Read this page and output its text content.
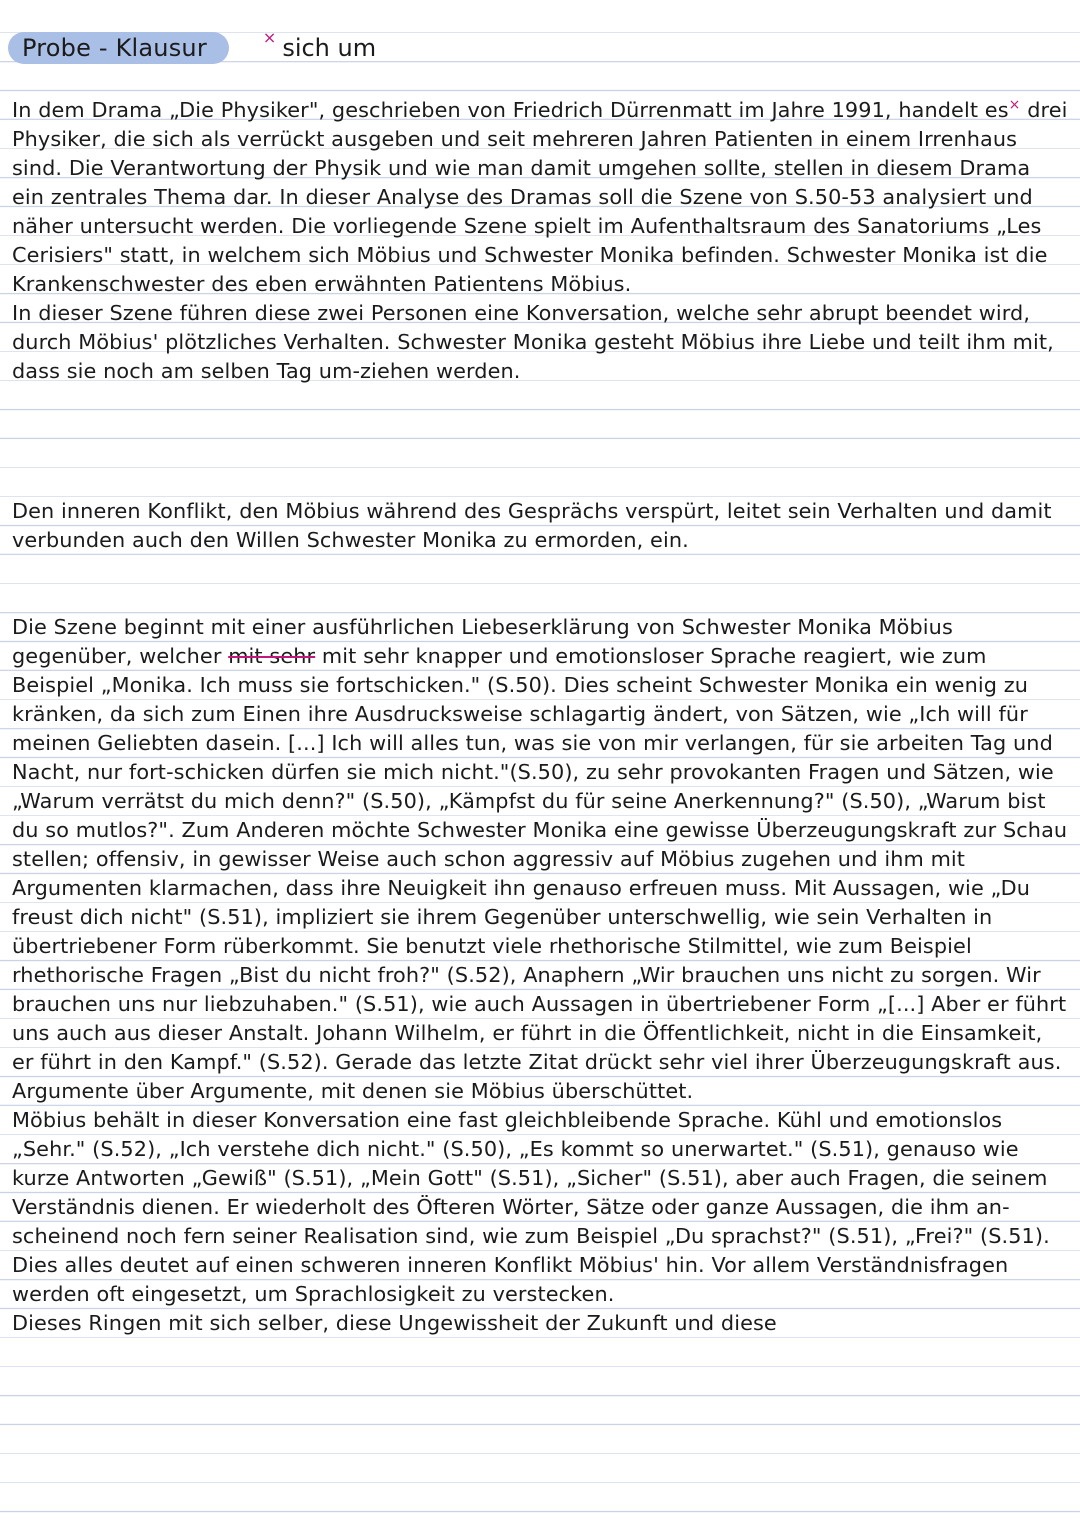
Probe - Klausur	× sich um

In dem Drama „Die Physiker", geschrieben von Friedrich Dürrenmatt im Jahre 1991, handelt es× drei Physiker, die sich als verrückt ausgeben und seit mehreren Jahren Patienten in einem Irrenhaus sind. Die Verantwortung der Physik und wie man damit umgehen sollte, stellen in diesem Drama ein zentrales Thema dar. In dieser Analyse des Dramas soll die Szene von S.50-53 analysiert und näher untersucht werden. Die vorliegende Szene spielt im Aufenthaltsraum des Sanatoriums „Les Cerisiers" statt, in welchem sich Möbius und Schwester Monika befinden. Schwester Monika ist die Krankenschwester des eben erwähnten Patientens Möbius.

In dieser Szene führen diese zwei Personen eine Konversation, welche sehr abrupt beendet wird, durch Möbius' plötzliches Verhalten. Schwester Monika gesteht Möbius ihre Liebe und teilt ihm mit, dass sie noch am selben Tag um-ziehen werden.

Den inneren Konflikt, den Möbius während des Gesprächs verspürt, leitet sein Verhalten und damit verbunden auch den Willen Schwester Monika zu ermorden, ein.

Die Szene beginnt mit einer ausführlichen Liebeserklärung von Schwester Monika Möbius gegenüber, welcher mit sehr mit sehr knapper und emotionsloser Sprache reagiert, wie zum Beispiel „Monika. Ich muss sie fortschicken." (S.50). Dies scheint Schwester Monika ein wenig zu kränken, da sich zum Einen ihre Ausdrucksweise schlagartig ändert, von Sätzen, wie „Ich will für meinen Geliebten dasein. [...] Ich will alles tun, was sie von mir verlangen, für sie arbeiten Tag und Nacht, nur fort-schicken dürfen sie mich nicht."(S.50), zu sehr provokanten Fragen und Sätzen, wie „Warum verrätst du mich denn?" (S.50), „Kämpfst du für seine Anerkennung?" (S.50), „Warum bist du so mutlos?". Zum Anderen möchte Schwester Monika eine gewisse Überzeugungskraft zur Schau stellen; offensiv, in gewisser Weise auch schon aggressiv auf Möbius zugehen und ihm mit Argumenten klarmachen, dass ihre Neuigkeit ihn genauso erfreuen muss. Mit Aussagen, wie „Du freust dich nicht" (S.51), impliziert sie ihrem Gegenüber unterschwellig, wie sein Verhalten in übertriebener Form rüberkommt. Sie benutzt viele rhethorische Stilmittel, wie zum Beispiel rhethorische Fragen „Bist du nicht froh?" (S.52), Anaphern „Wir brauchen uns nicht zu sorgen. Wir brauchen uns nur liebzuhaben." (S.51), wie auch Aussagen in übertriebener Form „[...] Aber er führt uns auch aus dieser Anstalt. Johann Wilhelm, er führt in die Öffentlichkeit, nicht in die Einsamkeit, er führt in den Kampf." (S.52). Gerade das letzte Zitat drückt sehr viel ihrer Überzeugungskraft aus. Argumente über Argumente, mit denen sie Möbius überschüttet.

Möbius behält in dieser Konversation eine fast gleichbleibende Sprache. Kühl und emotionslos „Sehr." (S.52), „Ich verstehe dich nicht." (S.50), „Es kommt so unerwartet." (S.51), genauso wie kurze Antworten „Gewiß" (S.51), „Mein Gott" (S.51), „Sicher" (S.51), aber auch Fragen, die seinem Verständnis dienen. Er wiederholt des Öfteren Wörter, Sätze oder ganze Aussagen, die ihm an-scheinend noch fern seiner Realisation sind, wie zum Beispiel „Du sprachst?" (S.51), „Frei?" (S.51). Dies alles deutet auf einen schweren inneren Konflikt Möbius' hin. Vor allem Verständnisfragen werden oft eingesetzt, um Sprachlosigkeit zu verstecken.

Dieses Ringen mit sich selber, diese Ungewissheit der Zukunft und diese
